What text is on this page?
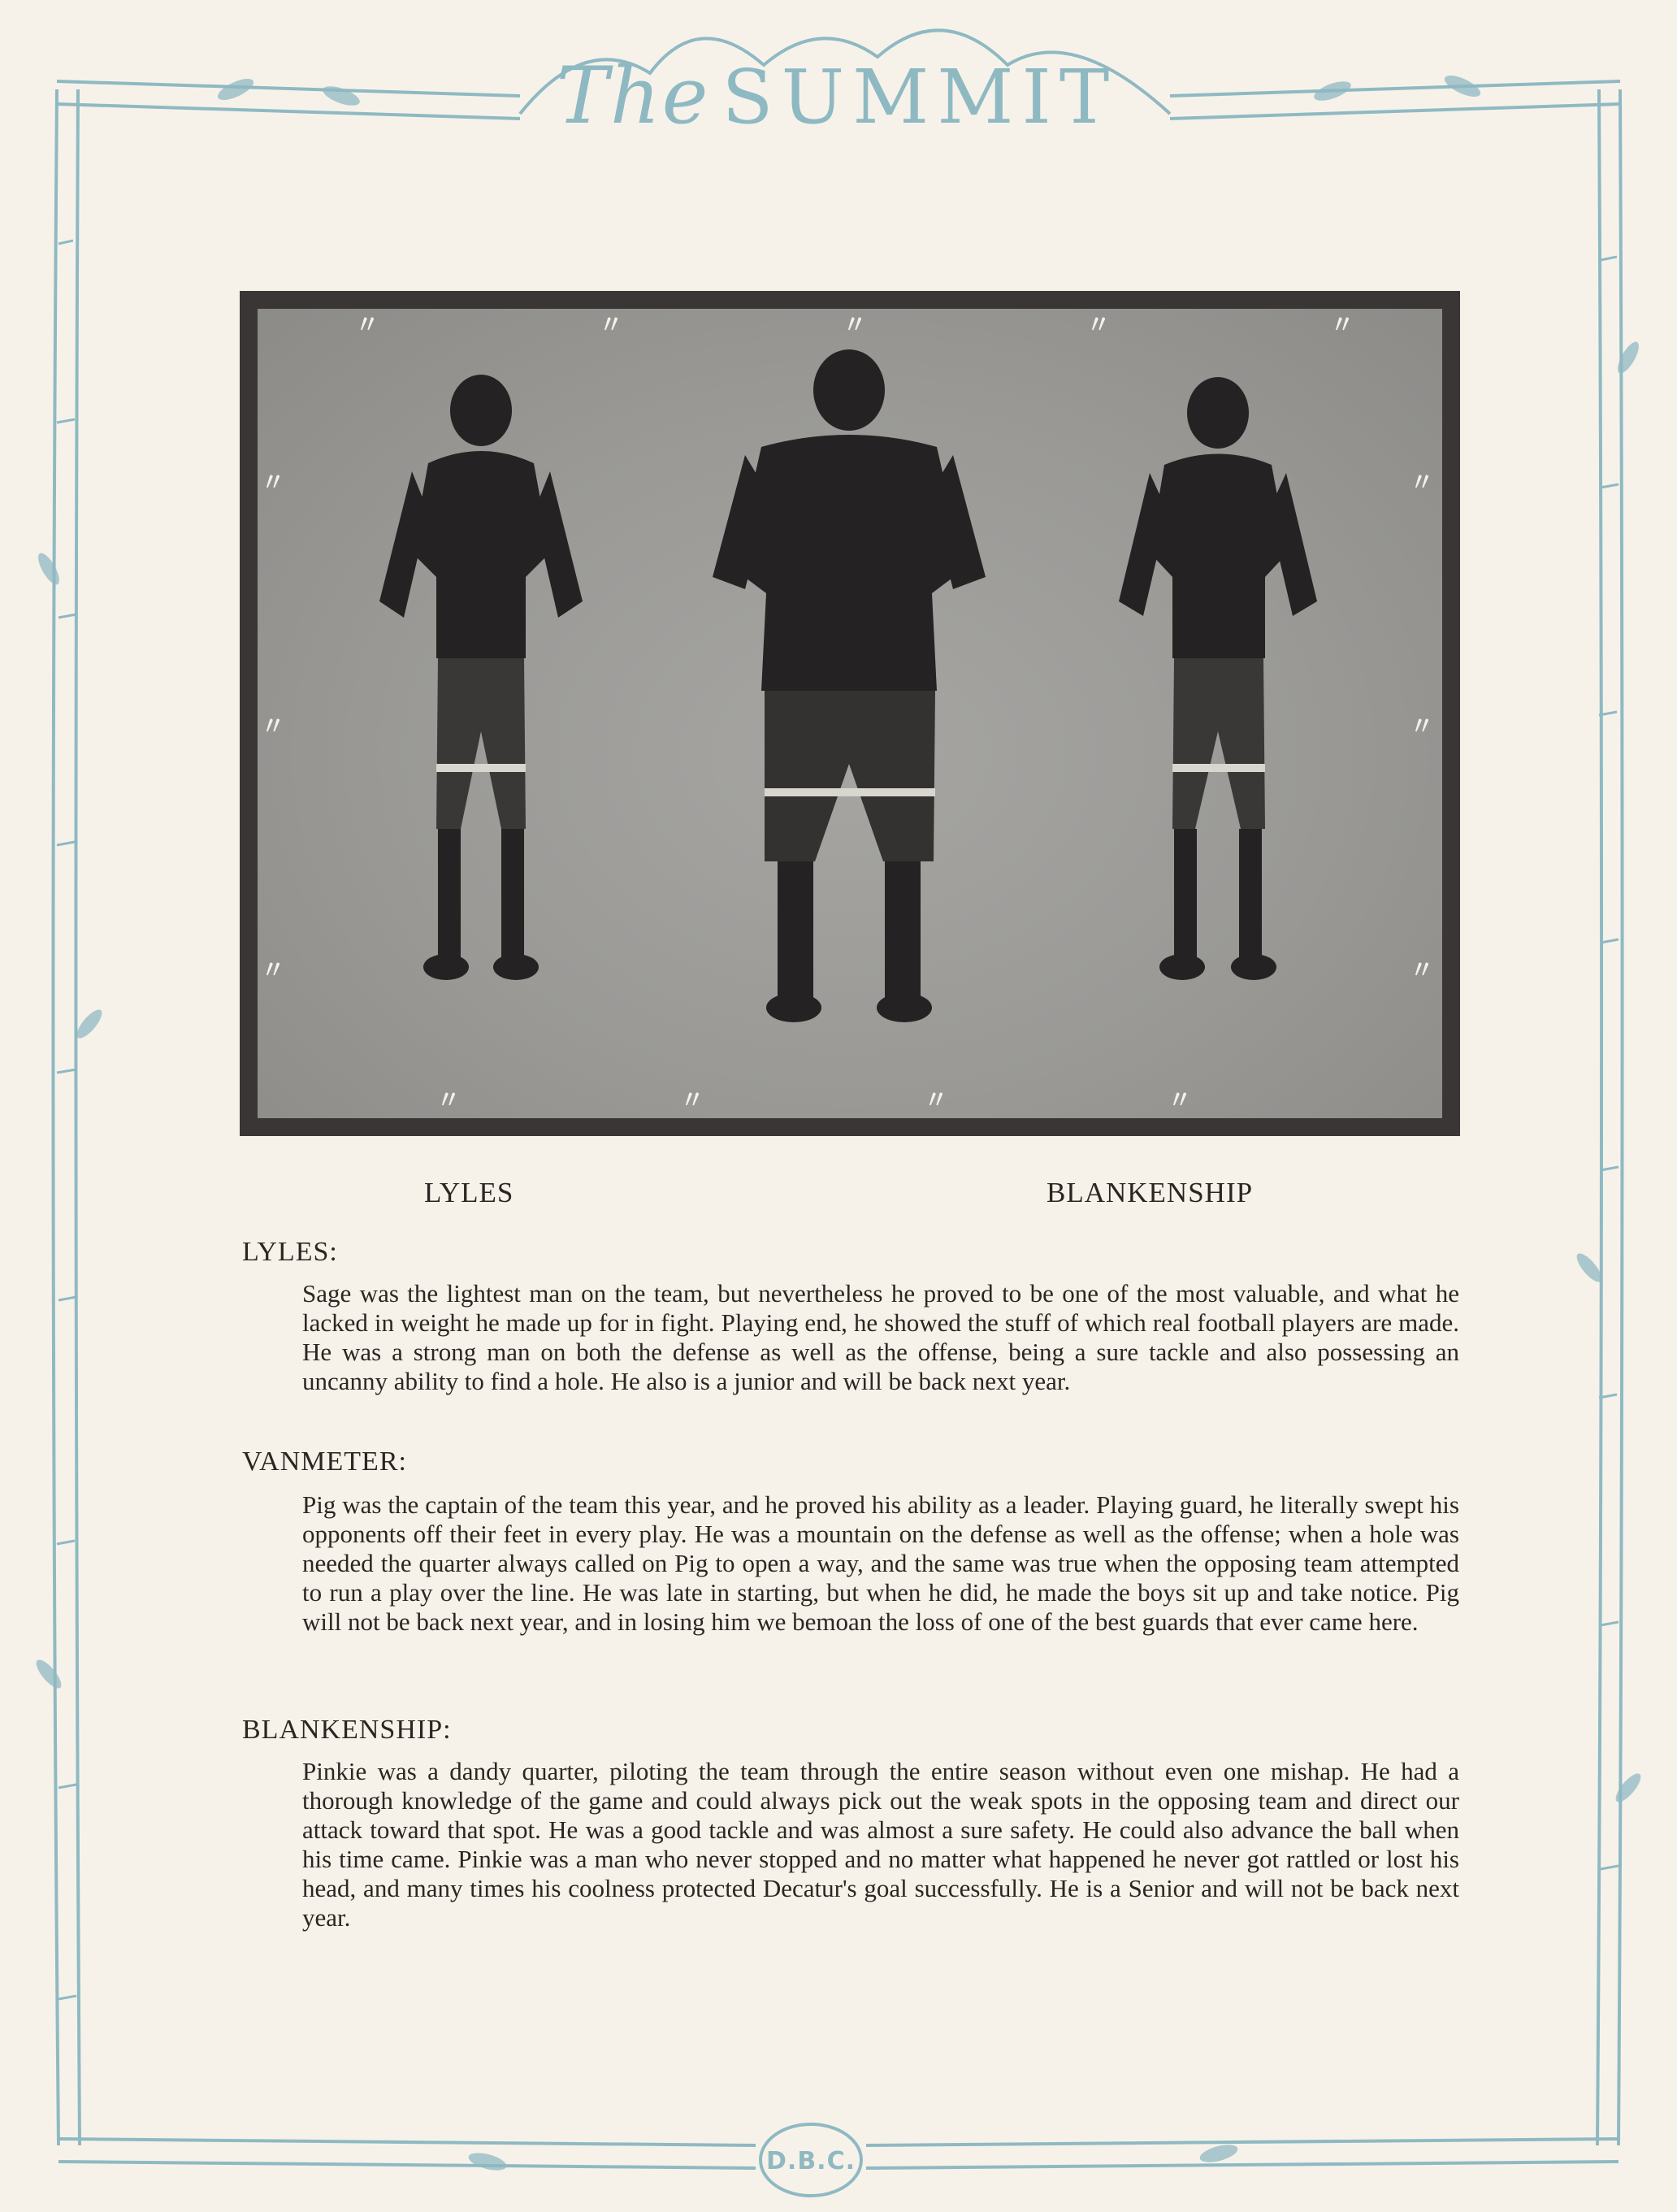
The SUMMIT
〃	〃	〃	〃	〃
〃	〃	〃	〃
〃
〃
〃
〃
〃
〃
LYLES	BLANKENSHIP
LYLES:
Sage was the lightest man on the team, but nevertheless he proved to be one of the most valuable, and what he lacked in weight he made up for in fight. Playing end, he showed the stuff of which real football players are made. He was a strong man on both the defense as well as the offense, being a sure tackle and also possessing an uncanny ability to find a hole. He also is a junior and will be back next year.
VANMETER:
Pig was the captain of the team this year, and he proved his ability as a leader. Playing guard, he literally swept his opponents off their feet in every play. He was a mountain on the defense as well as the offense; when a hole was needed the quarter always called on Pig to open a way, and the same was true when the opposing team attempted to run a play over the line. He was late in starting, but when he did, he made the boys sit up and take notice. Pig will not be back next year, and in losing him we bemoan the loss of one of the best guards that ever came here.
BLANKENSHIP:
Pinkie was a dandy quarter, piloting the team through the entire season without even one mishap. He had a thorough knowledge of the game and could always pick out the weak spots in the opposing team and direct our attack toward that spot. He was a good tackle and was almost a sure safety. He could also advance the ball when his time came. Pinkie was a man who never stopped and no matter what happened he never got rattled or lost his head, and many times his coolness protected Decatur's goal successfully. He is a Senior and will not be back next year.
D.B.C.
